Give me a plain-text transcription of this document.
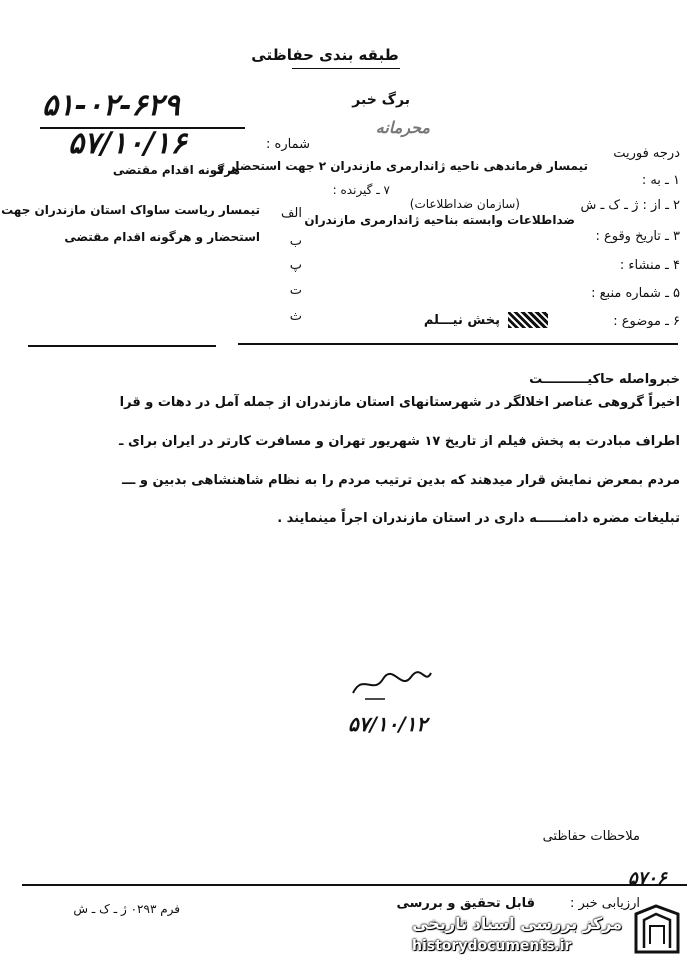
طبقه بندی حفاظتی
۵۱-۰۲-۶۲۹
۵۷/۱۰/۱۶
برگ خبر
محرمانه
شماره :
درجه فوریت
هرگونه اقدام مقتضی
۱ ـ به :
تیمسار فرماندهی ناحیه ژاندارمری مازندران ۲ جهت استحضار و
۷ ـ گیرنده :
۲ ـ از : ژ ـ ک ـ ش
(سازمان ضداطلاعات)
ضداطلاعات وابسته بناحیه ژاندارمری مازندران
۳ ـ تاریخ وقوع :
۴ ـ منشاء :
۵ ـ شماره منبع :
۶ ـ موضوع :
پخش نیـــلم
الف
تیمسار ریاست ساواک استان مازندران جهت
ب
استحضار و هرگونه اقدام مقتضی
پ
ت
ث
خبرواصله حاکیــــــــــت
اخیراً گروهی عناصر اخلالگر در شهرستانهای استان مازندران از جمله آمل در دهات و قرا
اطراف مبادرت به پخش فیلم از تاریخ ۱۷ شهریور تهران و مسافرت کارتر در ایران برای ـ
مردم بمعرض نمایش قرار میدهند که بدین ترتیب مردم را به نظام شاهنشاهی بدبین و ـــ
تبلیغات مضره دامنــــــه داری در استان مازندران اجراً مینمایند .
۵۷/۱۰/۱۲
ملاحظات حفاظتی
فرم ۰۲۹۳ ژ ـ ک ـ ش	ارزیابی خبر :
قابل تحقیق و بررسی
۵۷۰۶
مرکز بررسی اسناد تاریخی
historydocuments.ir
